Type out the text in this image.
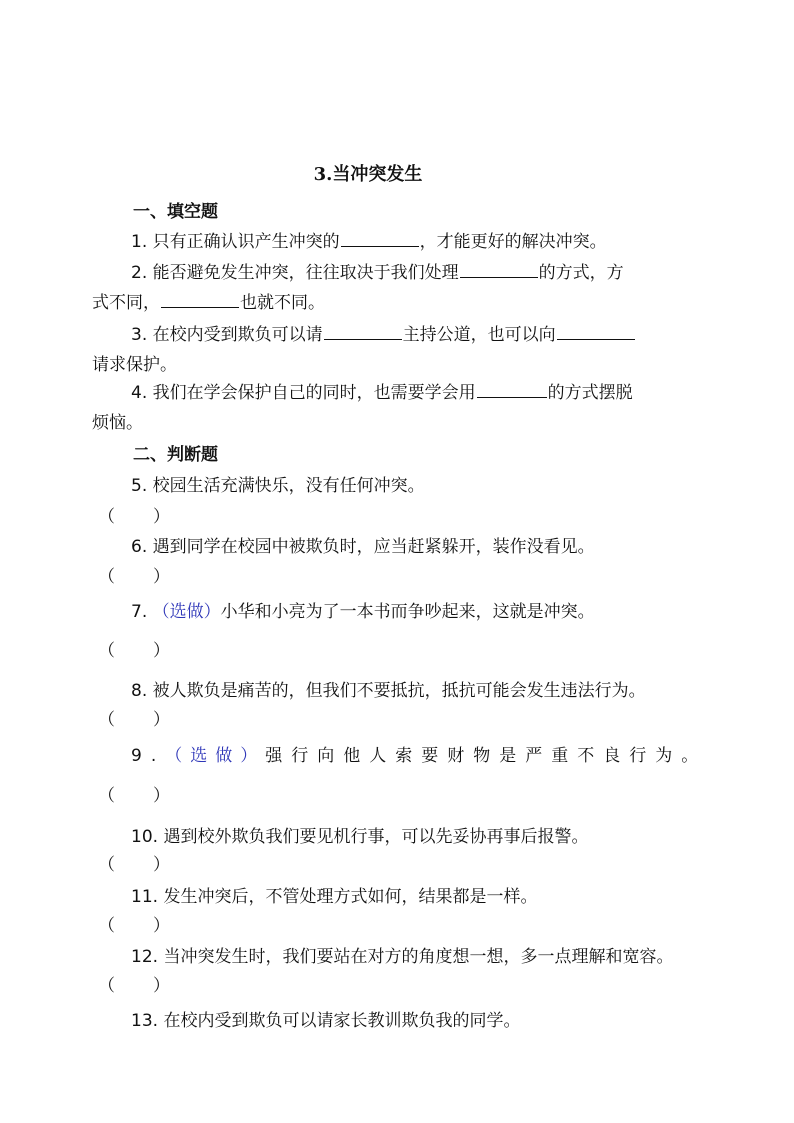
3.当冲突发生
一、填空题
1. 只有正确认识产生冲突的	，才能更好的解决冲突。
2. 能否避免发生冲突，往往取决于我们处理	的方式，方
式不同，	也就不同。
3. 在校内受到欺负可以请	主持公道，也可以向
请求保护。
4. 我们在学会保护自己的同时，也需要学会用	的方式摆脱
烦恼。
二、判断题
5. 校园生活充满快乐，没有任何冲突。
（ ）
6. 遇到同学在校园中被欺负时，应当赶紧躲开，装作没看见。
（ ）
7. （选做）小华和小亮为了一本书而争吵起来，这就是冲突。
（ ）
8. 被人欺负是痛苦的，但我们不要抵抗，抵抗可能会发生违法行为。
（ ）
9.（选做）强行向他人索要财物是严重不良行为。
（ ）
10. 遇到校外欺负我们要见机行事，可以先妥协再事后报警。
（ ）
11. 发生冲突后，不管处理方式如何，结果都是一样。
（ ）
12. 当冲突发生时，我们要站在对方的角度想一想，多一点理解和宽容。
（ ）
13. 在校内受到欺负可以请家长教训欺负我的同学。
